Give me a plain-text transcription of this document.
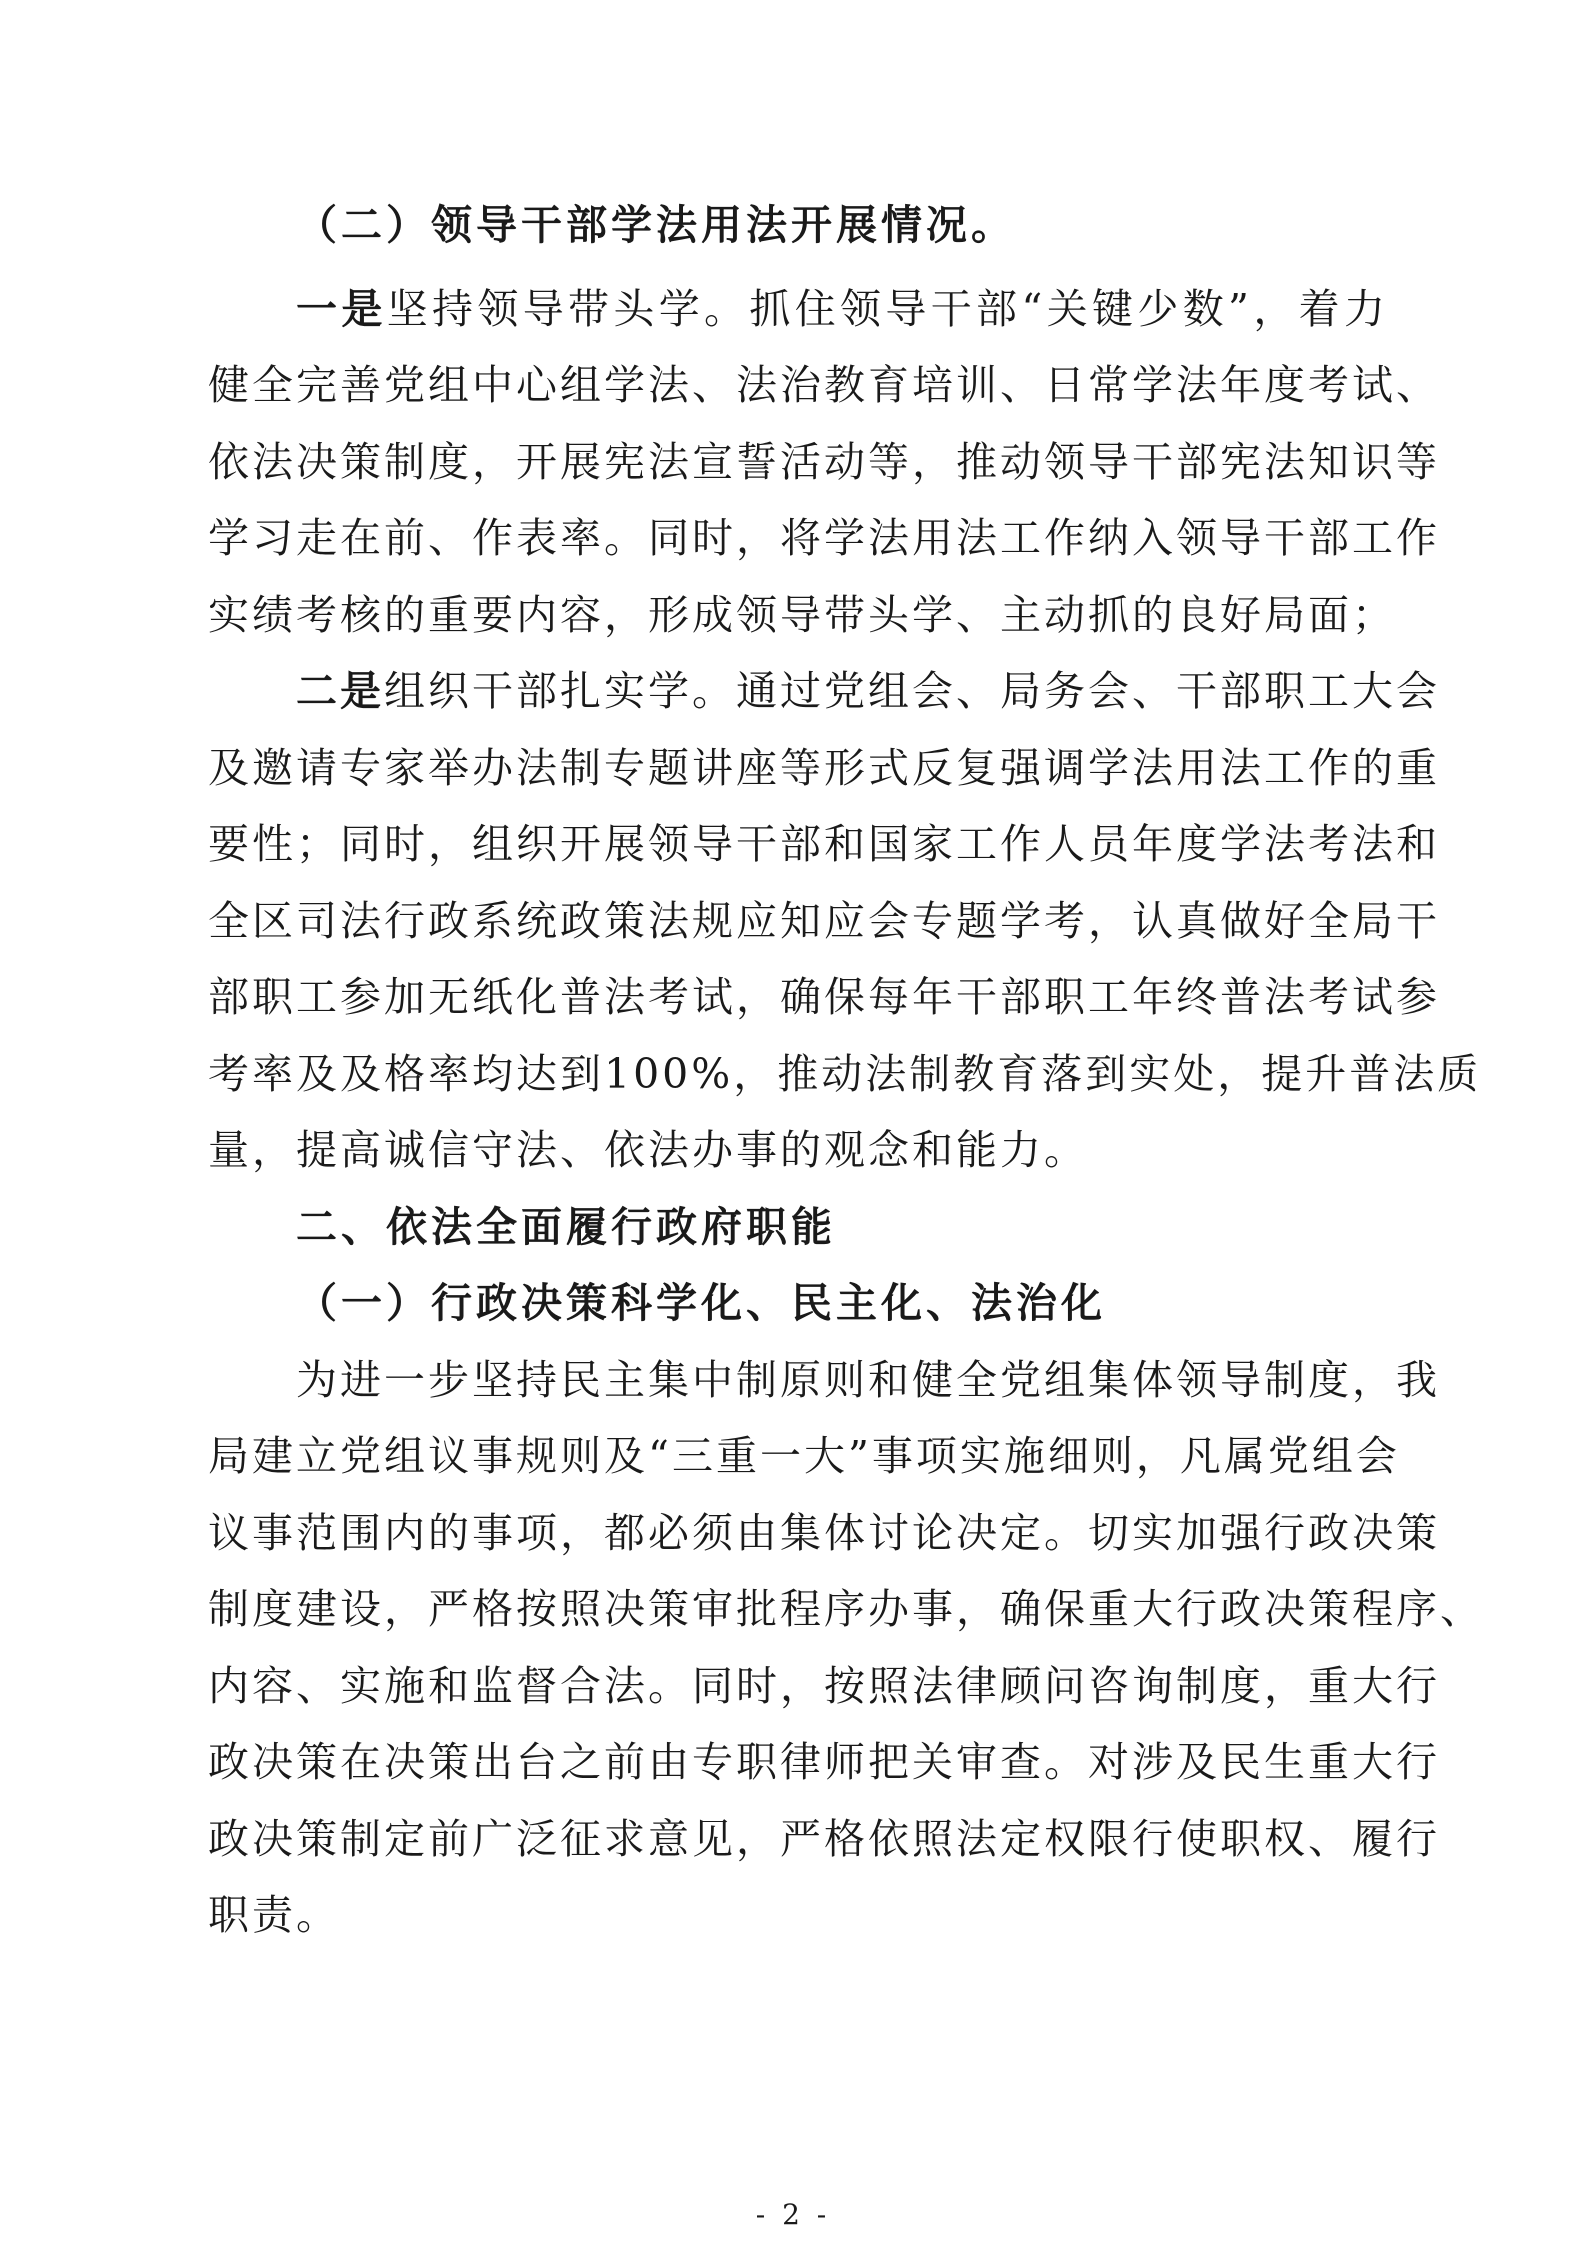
（二）领导干部学法用法开展情况。
一是坚持领导带头学。抓住领导干部“关键少数”，着力
健全完善党组中心组学法、法治教育培训、日常学法年度考试、
依法决策制度，开展宪法宣誓活动等，推动领导干部宪法知识等
学习走在前、作表率。同时，将学法用法工作纳入领导干部工作
实绩考核的重要内容，形成领导带头学、主动抓的良好局面；
二是组织干部扎实学。通过党组会、局务会、干部职工大会
及邀请专家举办法制专题讲座等形式反复强调学法用法工作的重
要性；同时，组织开展领导干部和国家工作人员年度学法考法和
全区司法行政系统政策法规应知应会专题学考，认真做好全局干
部职工参加无纸化普法考试，确保每年干部职工年终普法考试参
考率及及格率均达到100%，推动法制教育落到实处，提升普法质
量，提高诚信守法、依法办事的观念和能力。
二、依法全面履行政府职能
（一）行政决策科学化、民主化、法治化
为进一步坚持民主集中制原则和健全党组集体领导制度，我
局建立党组议事规则及“三重一大”事项实施细则，凡属党组会
议事范围内的事项，都必须由集体讨论决定。切实加强行政决策
制度建设，严格按照决策审批程序办事，确保重大行政决策程序、
内容、实施和监督合法。同时，按照法律顾问咨询制度，重大行
政决策在决策出台之前由专职律师把关审查。对涉及民生重大行
政决策制定前广泛征求意见，严格依照法定权限行使职权、履行
职责。
- 2 -
